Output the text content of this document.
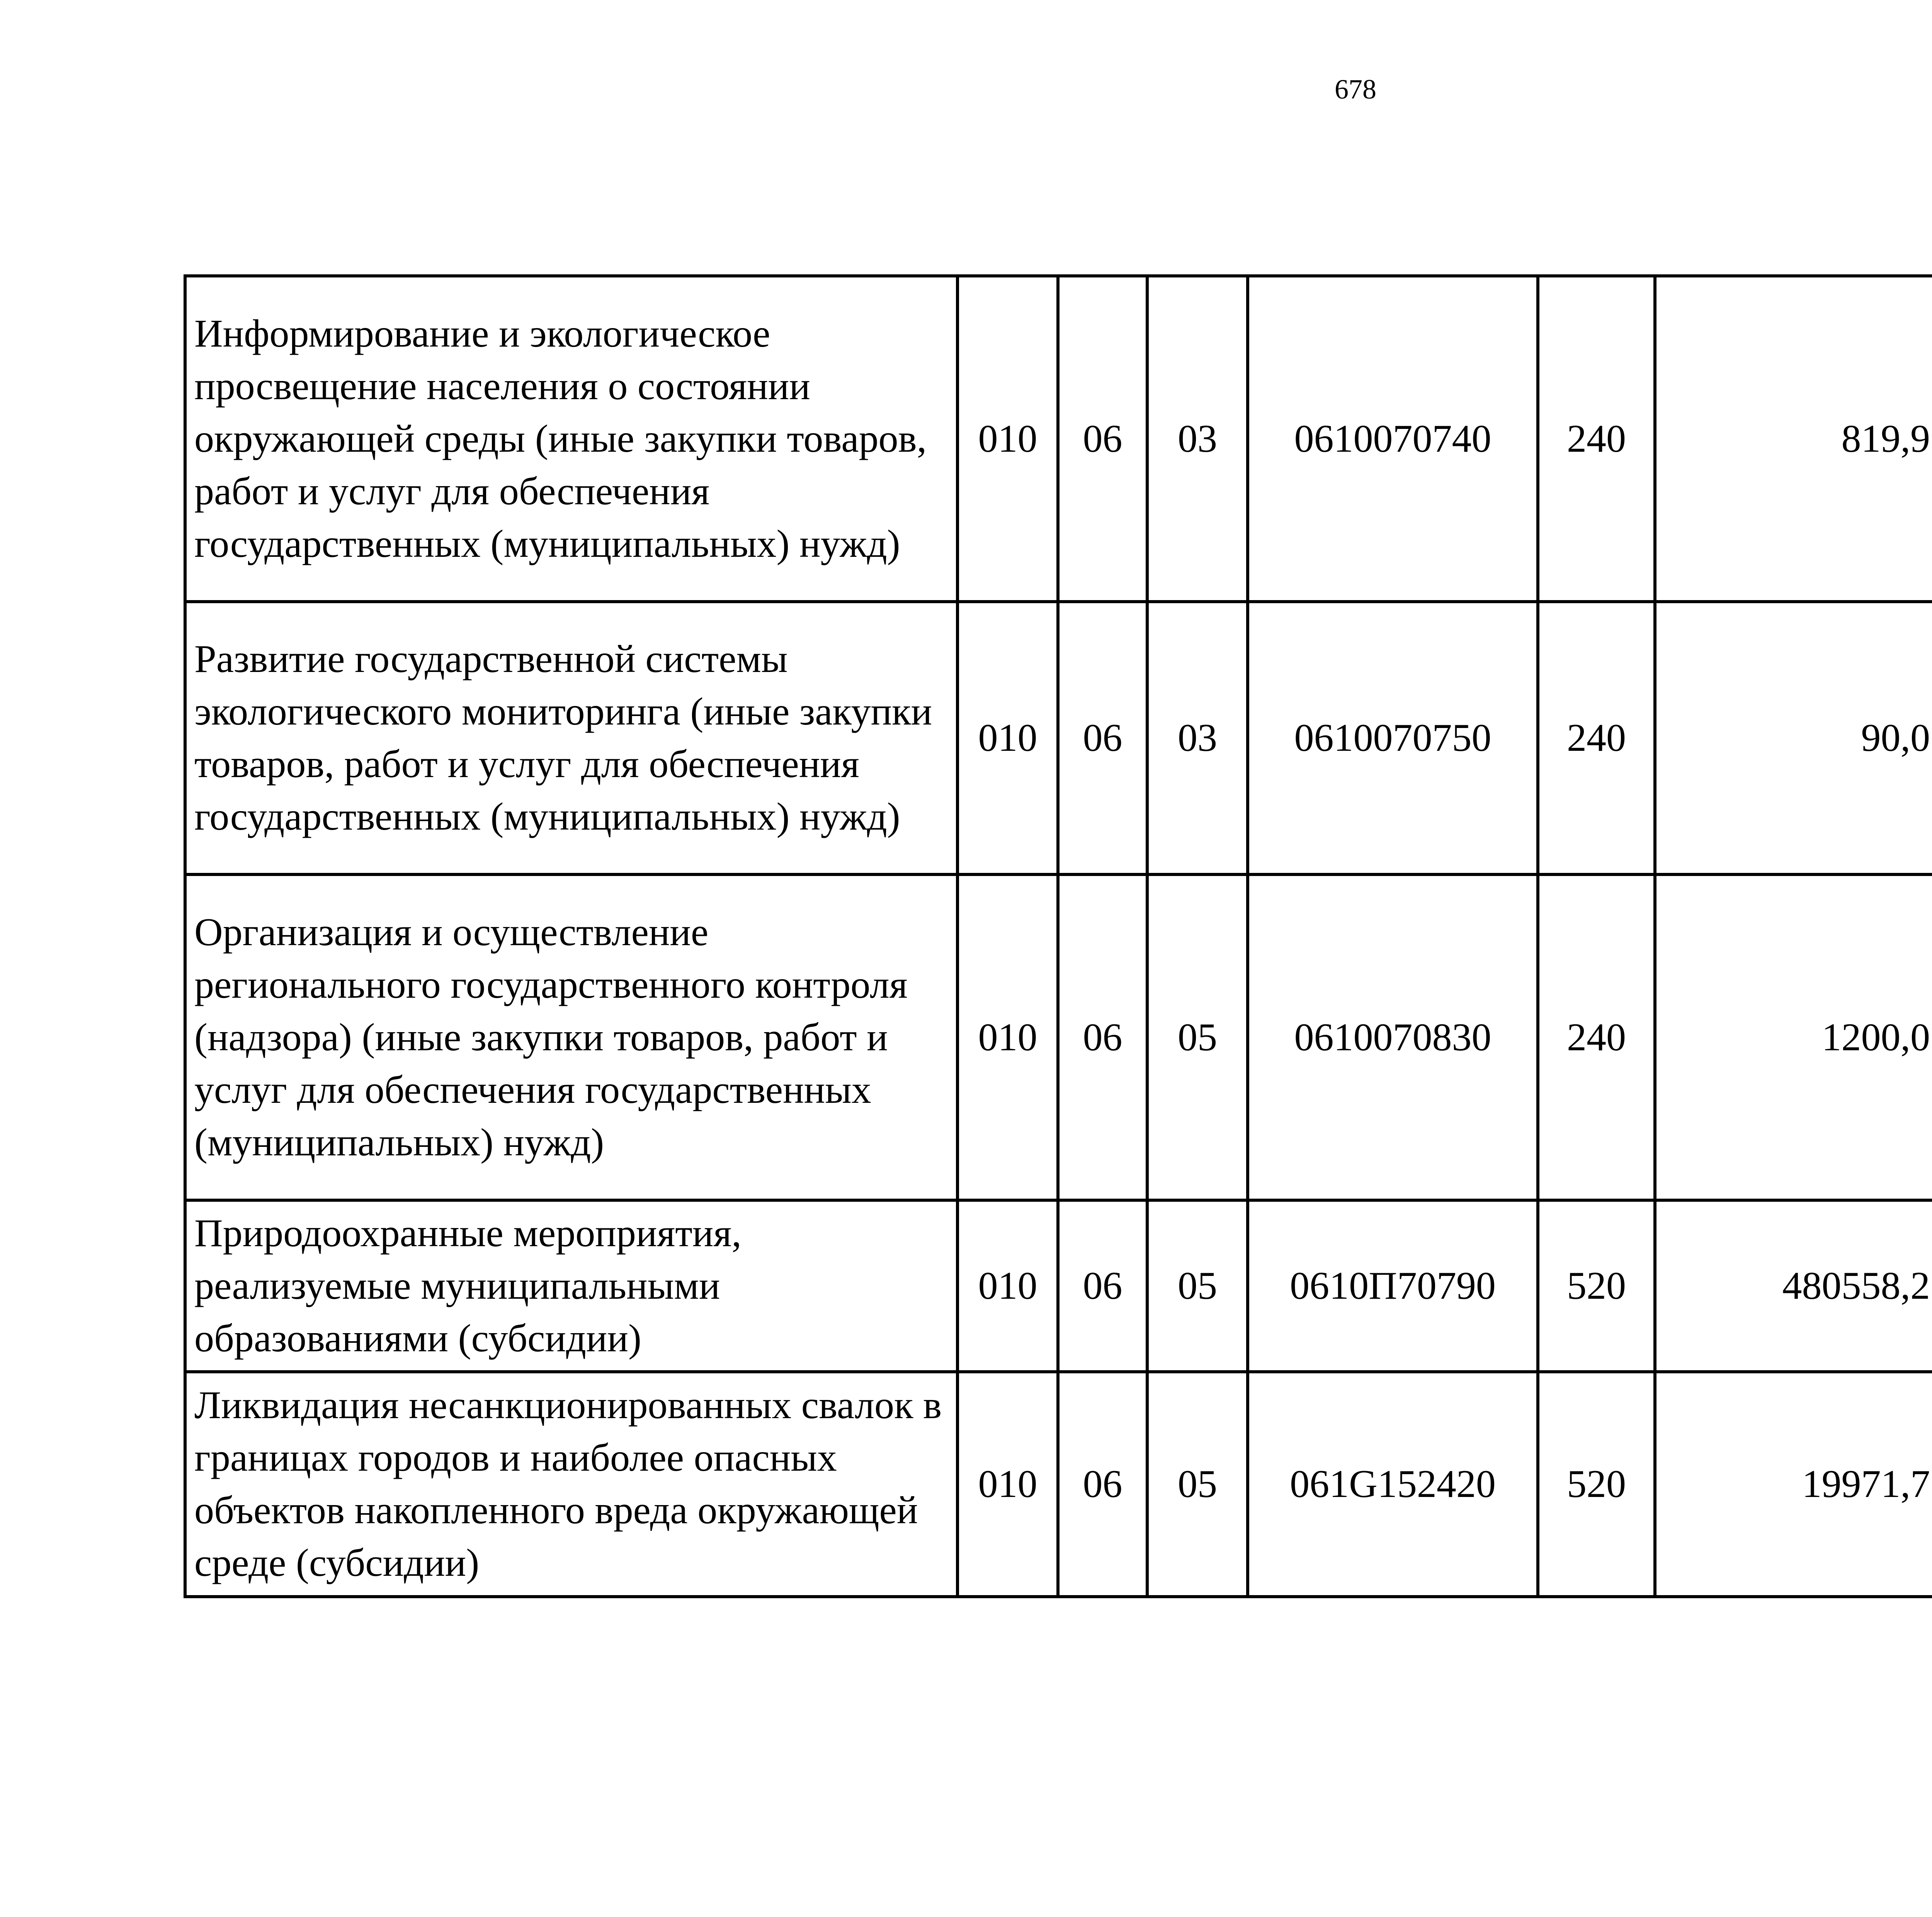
678
Информирование и экологическое просвещение населения о состоянии окружающей среды (иные закупки товаров, работ и услуг для обеспечения государственных (муниципальных) нужд)	010	06	03	0610070740	240	819,9		
Развитие государственной системы экологического мониторинга (иные закупки товаров, работ и услуг для обеспечения государственных (муниципальных) нужд)	010	06	03	0610070750	240	90,0		
Организация и осуществление регионального государственного контроля (надзора) (иные закупки товаров, работ и услуг для обеспечения государственных (муниципальных) нужд)	010	06	05	0610070830	240	1200,0		
Природоохранные мероприятия, реализуемые муниципальными образованиями (субсидии)	010	06	05	0610П70790	520	480558,2		
Ликвидация несанкционированных свалок в границах городов и наиболее опасных объектов накопленного вреда окружающей среде (субсидии)	010	06	05	061G152420	520	19971,7		
